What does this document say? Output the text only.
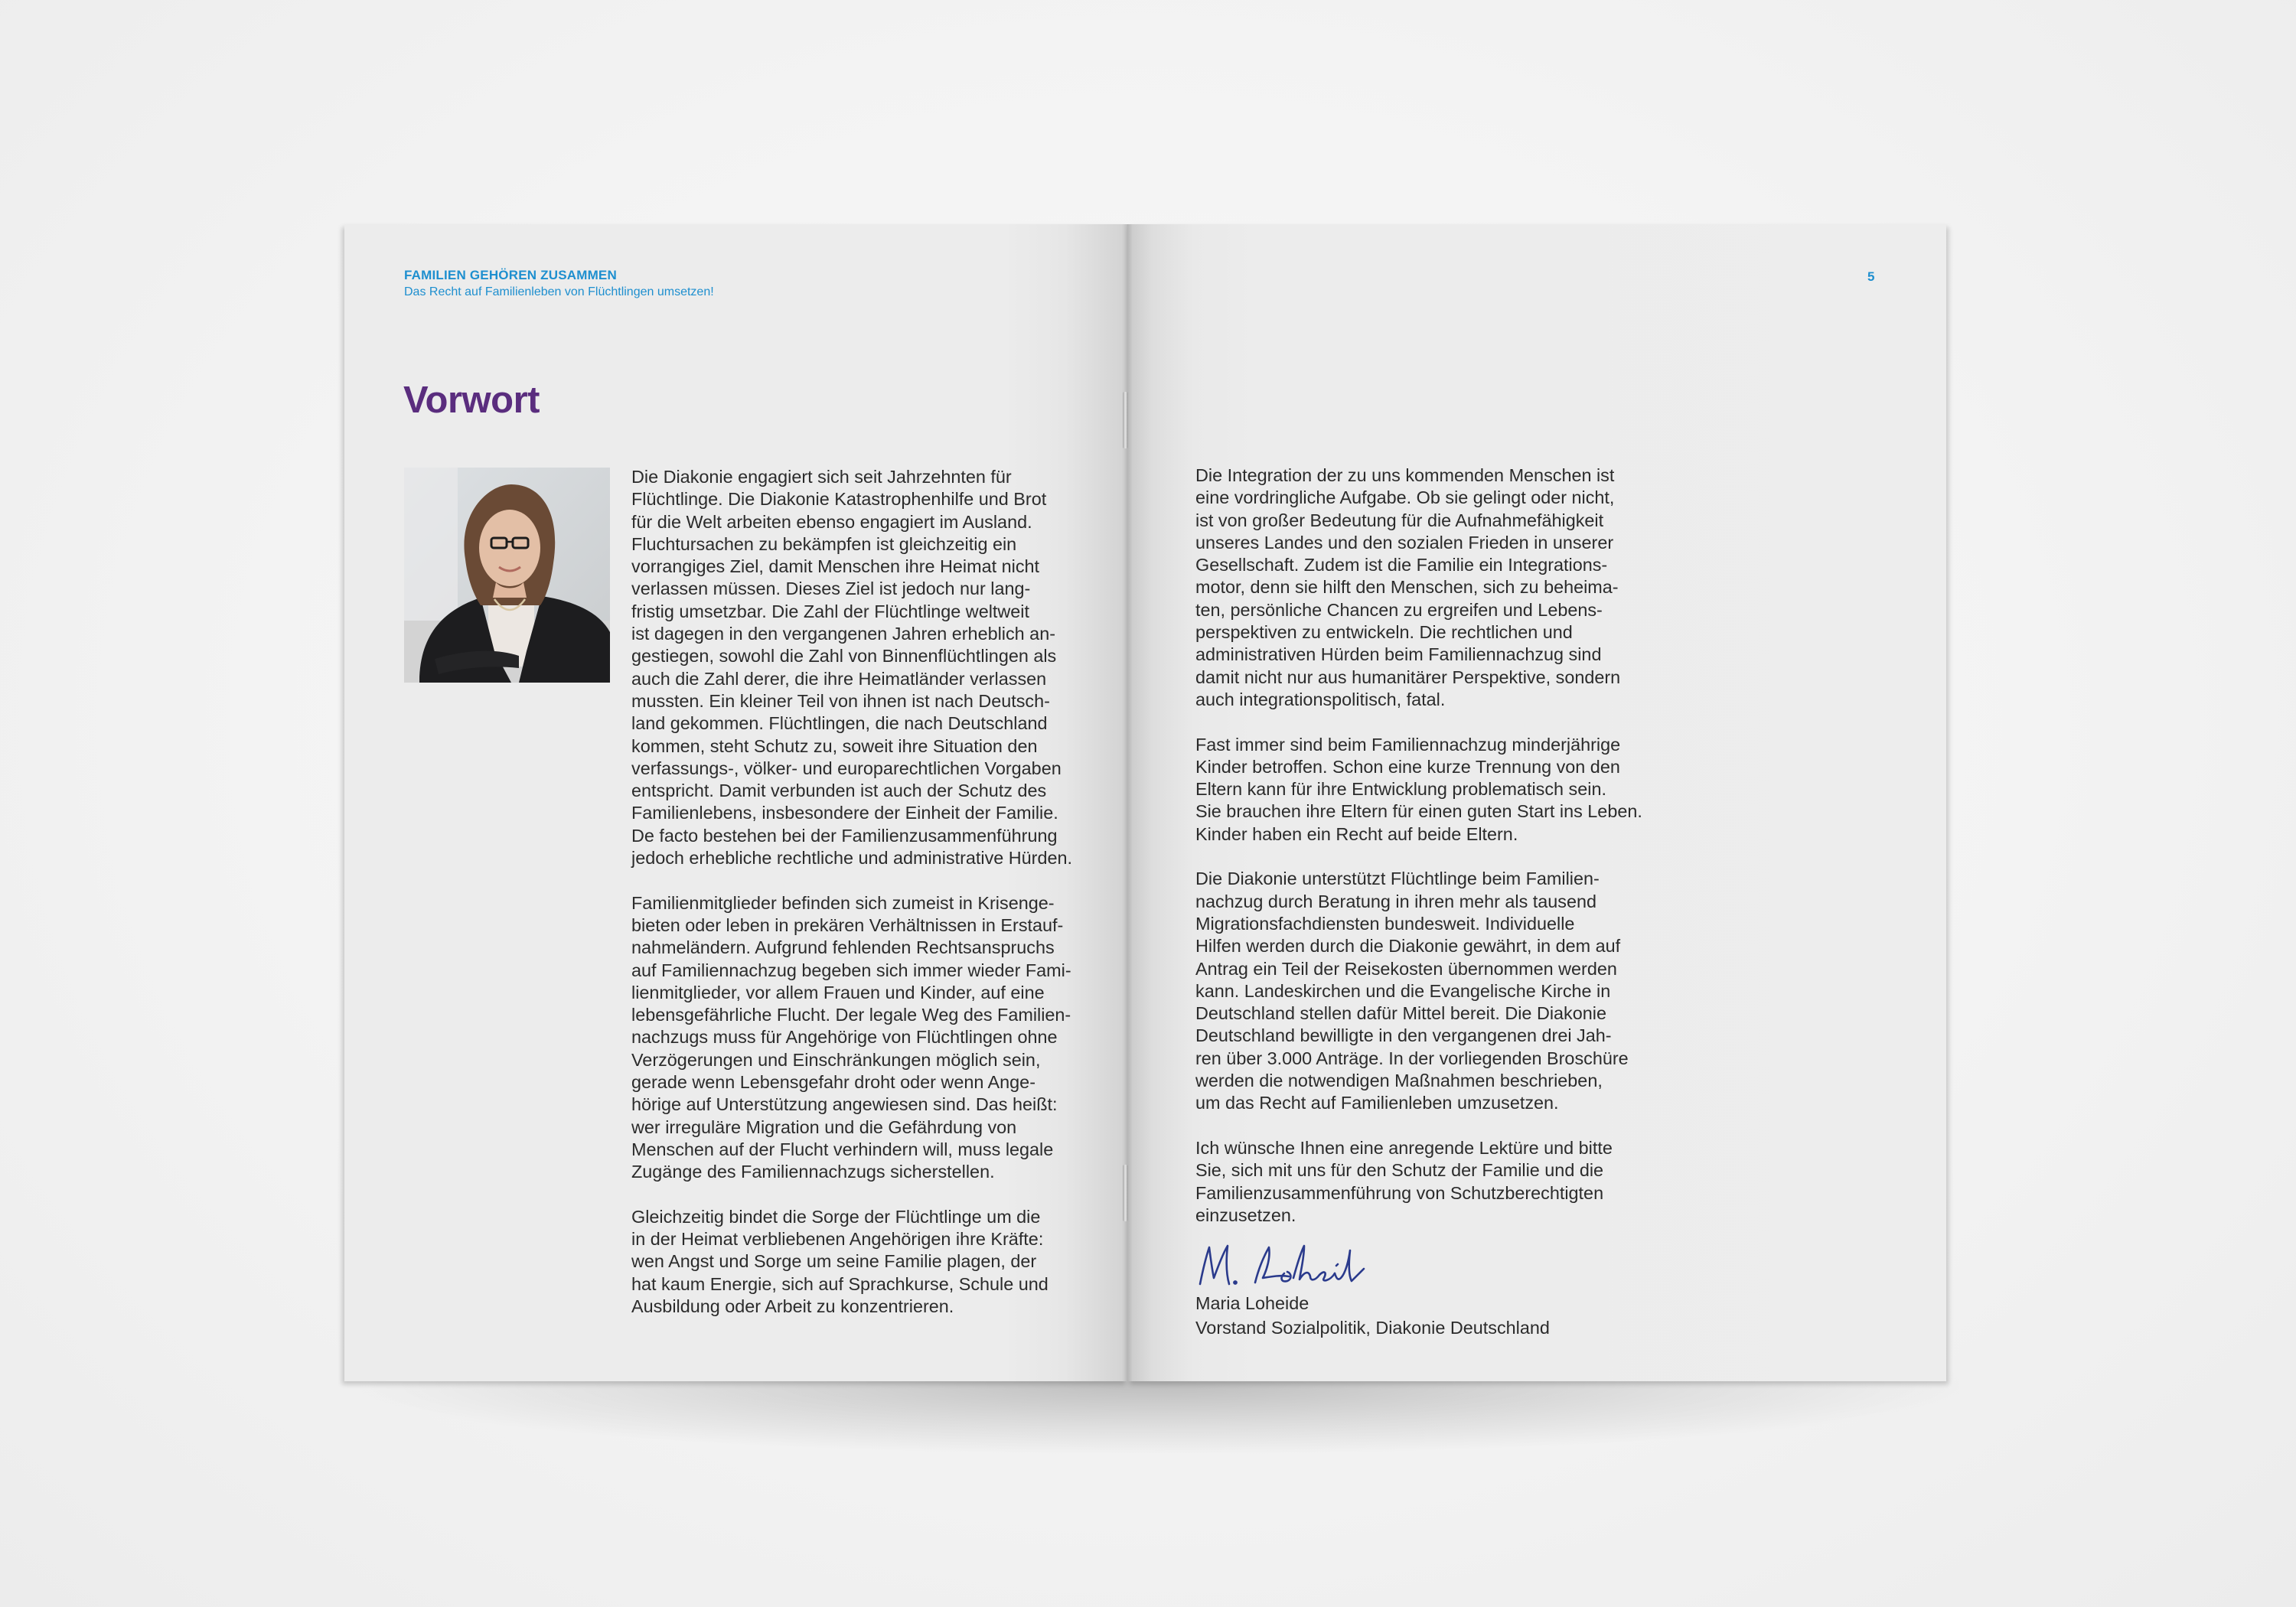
FAMILIEN GEHÖREN ZUSAMMEN
Das Recht auf Familienleben von Flüchtlingen umsetzen!
5
Vorwort

Die Diakonie engagiert sich seit Jahrzehnten für
Flüchtlinge. Die Diakonie Katastrophenhilfe und Brot
für die Welt arbeiten ebenso engagiert im Ausland.
Fluchtursachen zu bekämpfen ist gleichzeitig ein
vorrangiges Ziel, damit Menschen ihre Heimat nicht
verlassen müssen. Dieses Ziel ist jedoch nur lang-
fristig umsetzbar. Die Zahl der Flüchtlinge weltweit
ist dagegen in den vergangenen Jahren erheblich an-
gestiegen, sowohl die Zahl von Binnenflüchtlingen als
auch die Zahl derer, die ihre Heimatländer verlassen
mussten. Ein kleiner Teil von ihnen ist nach Deutsch-
land gekommen. Flüchtlingen, die nach Deutschland
kommen, steht Schutz zu, soweit ihre Situation den
verfassungs-, völker- und europarechtlichen Vorgaben
entspricht. Damit verbunden ist auch der Schutz des
Familienlebens, insbesondere der Einheit der Familie.
De facto bestehen bei der Familienzusammenführung
jedoch erhebliche rechtliche und administrative Hürden.

Familienmitglieder befinden sich zumeist in Krisenge-
bieten oder leben in prekären Verhältnissen in Erstauf-
nahmeländern. Aufgrund fehlenden Rechtsanspruchs
auf Familiennachzug begeben sich immer wieder Fami-
lienmitglieder, vor allem Frauen und Kinder, auf eine
lebensgefährliche Flucht. Der legale Weg des Familien-
nachzugs muss für Angehörige von Flüchtlingen ohne
Verzögerungen und Einschränkungen möglich sein,
gerade wenn Lebensgefahr droht oder wenn Ange-
hörige auf Unterstützung angewiesen sind. Das heißt:
wer irreguläre Migration und die Gefährdung von
Menschen auf der Flucht verhindern will, muss legale
Zugänge des Familiennachzugs sicherstellen.

Gleichzeitig bindet die Sorge der Flüchtlinge um die
in der Heimat verbliebenen Angehörigen ihre Kräfte:
wen Angst und Sorge um seine Familie plagen, der
hat kaum Energie, sich auf Sprachkurse, Schule und
Ausbildung oder Arbeit zu konzentrieren.

Die Integration der zu uns kommenden Menschen ist
eine vordringliche Aufgabe. Ob sie gelingt oder nicht,
ist von großer Bedeutung für die Aufnahmefähigkeit
unseres Landes und den sozialen Frieden in unserer
Gesellschaft. Zudem ist die Familie ein Integrations-
motor, denn sie hilft den Menschen, sich zu beheima-
ten, persönliche Chancen zu ergreifen und Lebens-
perspektiven zu entwickeln. Die rechtlichen und
administrativen Hürden beim Familiennachzug sind
damit nicht nur aus humanitärer Perspektive, sondern
auch integrationspolitisch, fatal.

Fast immer sind beim Familiennachzug minderjährige
Kinder betroffen. Schon eine kurze Trennung von den
Eltern kann für ihre Entwicklung problematisch sein.
Sie brauchen ihre Eltern für einen guten Start ins Leben.
Kinder haben ein Recht auf beide Eltern.

Die Diakonie unterstützt Flüchtlinge beim Familien-
nachzug durch Beratung in ihren mehr als tausend
Migrationsfachdiensten bundesweit. Individuelle
Hilfen werden durch die Diakonie gewährt, in dem auf
Antrag ein Teil der Reisekosten übernommen werden
kann. Landeskirchen und die Evangelische Kirche in
Deutschland stellen dafür Mittel bereit. Die Diakonie
Deutschland bewilligte in den vergangenen drei Jah-
ren über 3.000 Anträge. In der vorliegenden Broschüre
werden die notwendigen Maßnahmen beschrieben,
um das Recht auf Familienleben umzusetzen.

Ich wünsche Ihnen eine anregende Lektüre und bitte
Sie, sich mit uns für den Schutz der Familie und die
Familienzusammenführung von Schutzberechtigten
einzusetzen.

Maria Loheide
Vorstand Sozialpolitik, Diakonie Deutschland
